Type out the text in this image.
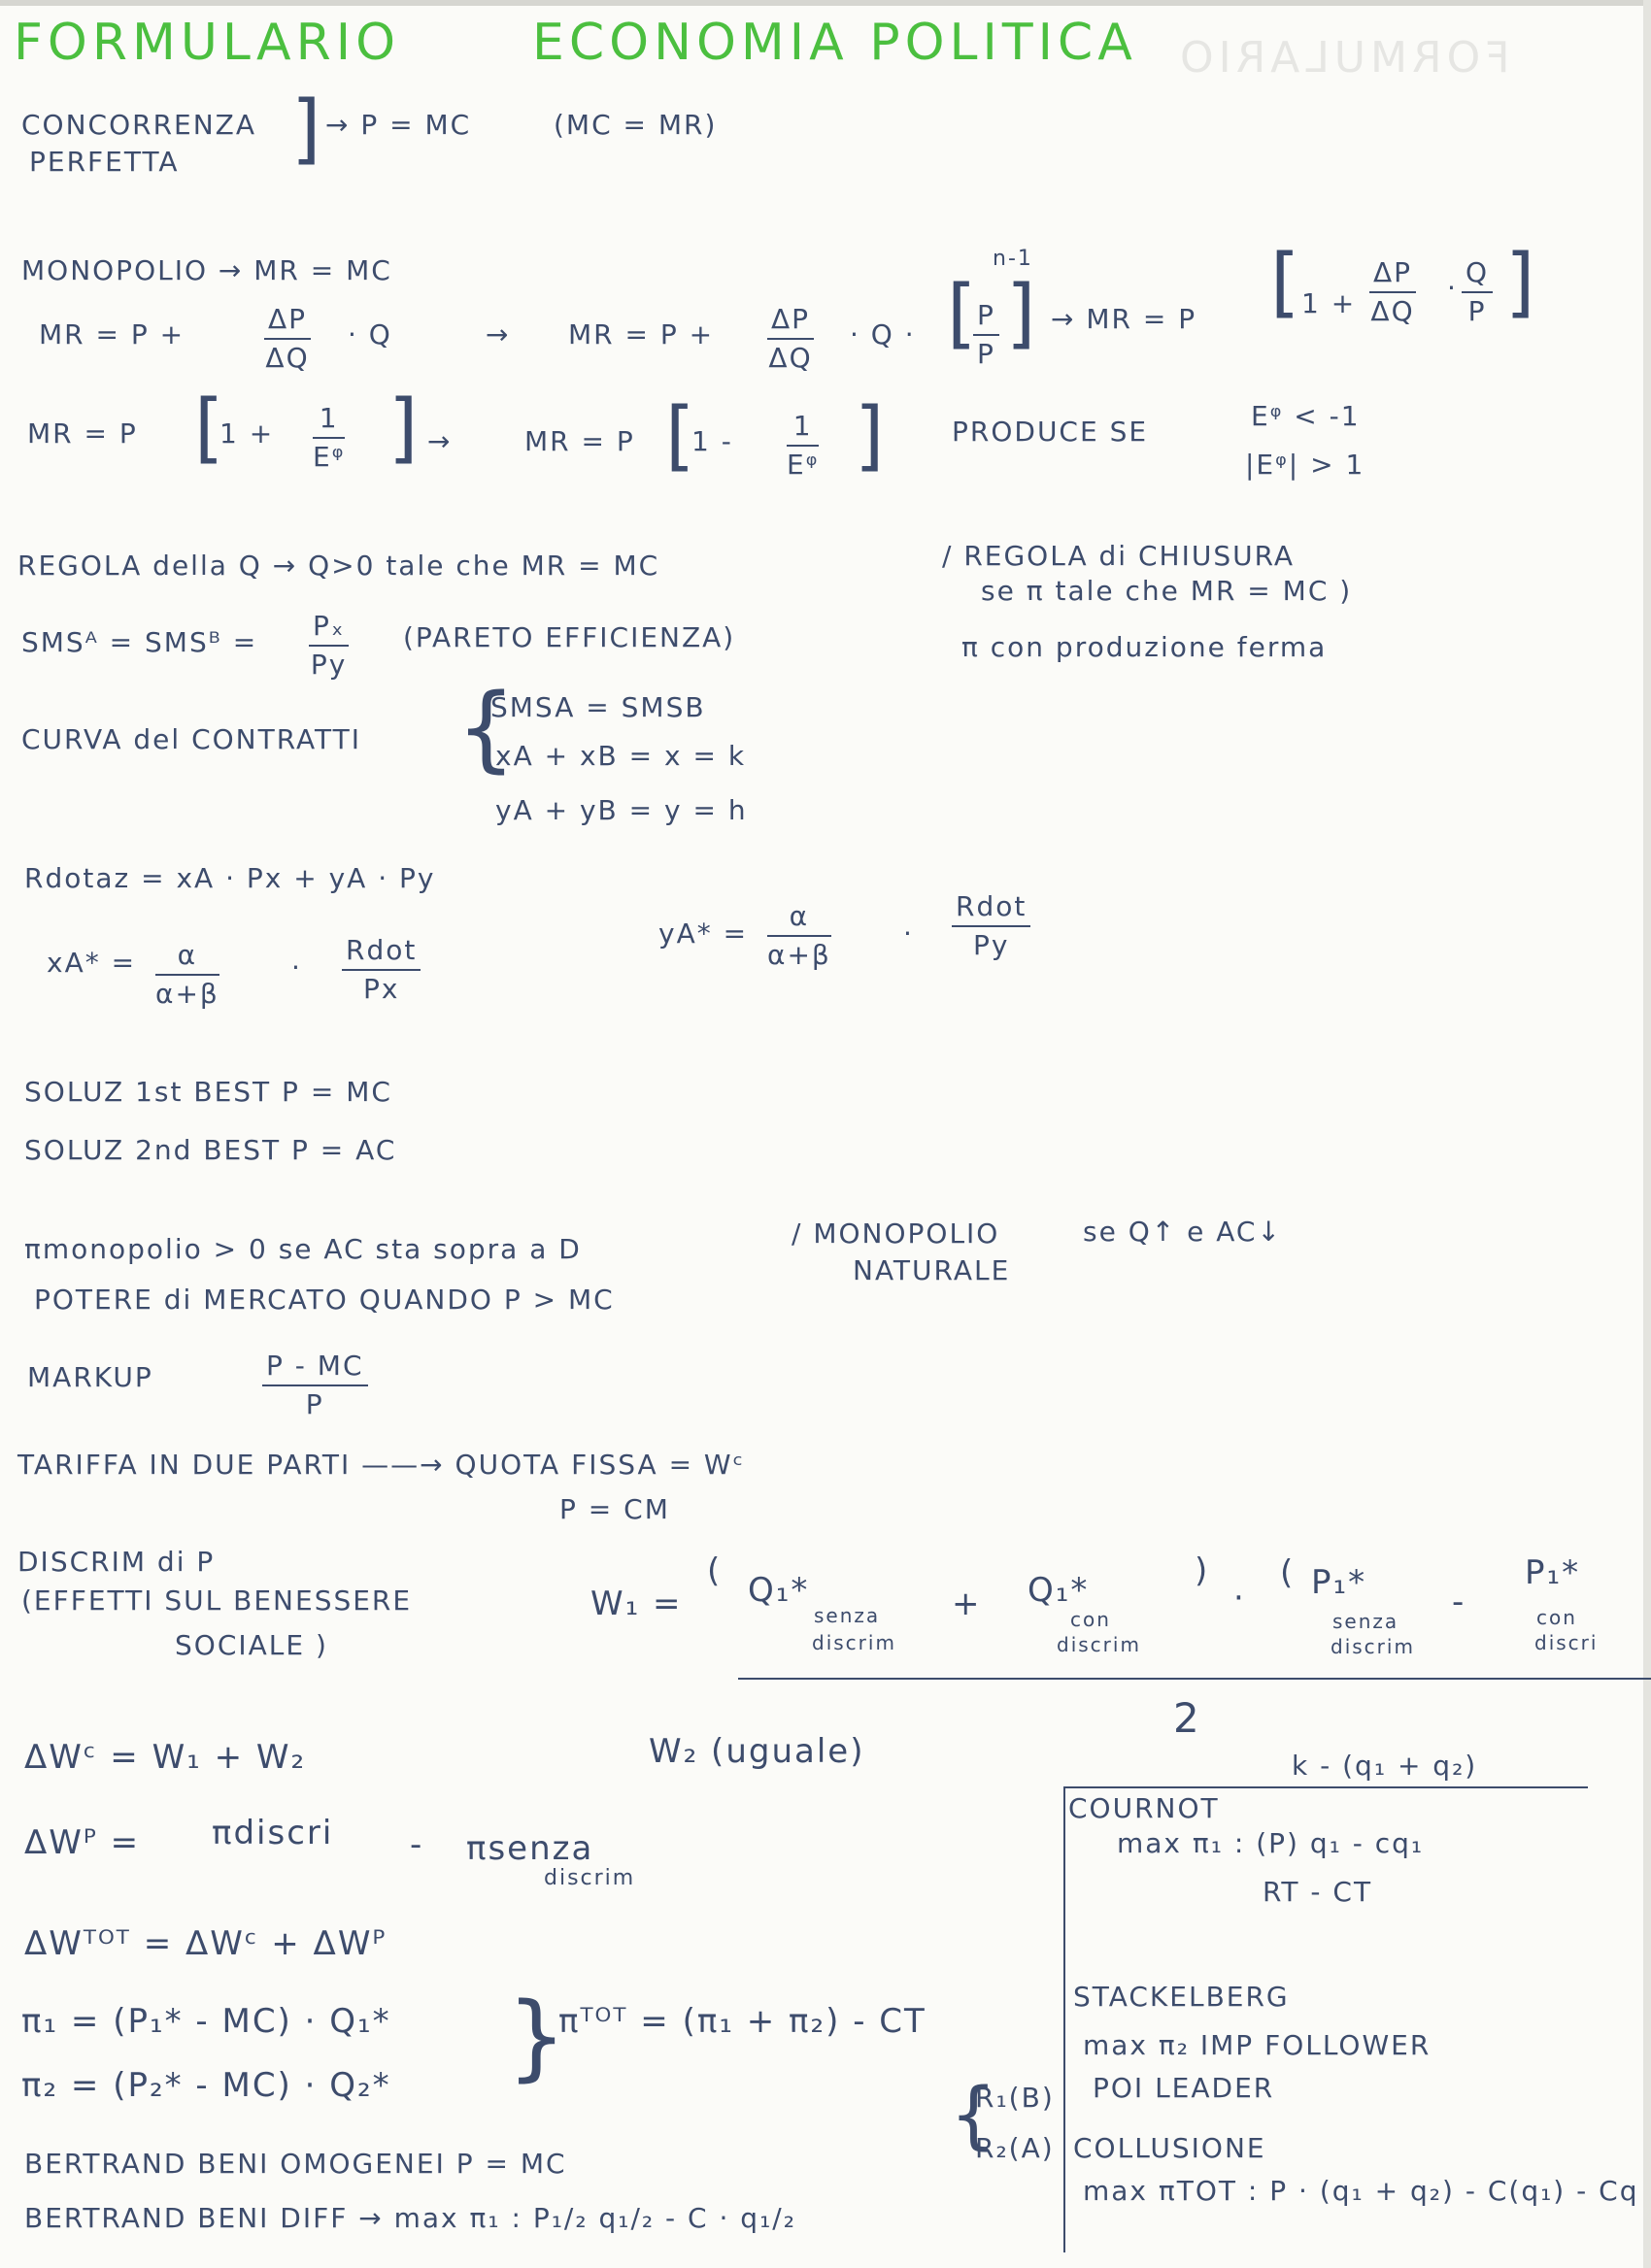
FORMULARIO	ECONOMIA POLITICA FORMULARIO
CONCORRENZA
PERFETTA ] → P = MC	(MC = MR)
MONOPOLIO → MR = MC
MR = P +	$\frac{\Delta P}{\Delta Q} \cdot Q$	→ MR = $P + \frac{\Delta P}{\Delta Q} \cdot Q$ · [
$\frac{P}{P}$ ]
n-1
→ MR = P [ $1 + \frac{\Delta P}{\Delta Q} \cdot \frac{Q}{P}$ ]
MR = P [
$1 + \frac{1}{\text{Eᵠ}}$ ] →	MR = P [
$1 - \frac{1}{\text{Eᵠ}}$ ] PRODUCE SE	Eᵠ < -1
|Eᵠ| > 1
REGOLA della Q → Q>0 tale che MR = MC	/ REGOLA di CHIUSURA
se π tale che MR = MC )
π con produzione ferma
SMSᴬ = SMSᴮ = $\frac{\text{Pₓ}}{Py}$ (PARETO EFFICIENZA)
CURVA del CONTRATTI {
SMSA = SMSB
xA + xB = x = k
yA + yB = y = h
Rdotaz = xA · Px + yA · Py
$xA* = \frac{\alpha}{\alpha+\beta}$	·
Rdot
Px
$yA* = \frac{\alpha}{\alpha+\beta}$	·
Rdot
Py
SOLUZ 1st BEST P = MC
SOLUZ 2nd BEST P = AC
πmonopolio > 0 se AC sta sopra a D	/ MONOPOLIO
NATURALE
se Q↑ e AC↓
POTERE di MERCATO QUANDO P > MC
MARKUP	$\frac{P - MC}{P}$
TARIFFA IN DUE PARTI ——→ QUOTA FISSA = Wᶜ
P = CM
DISCRIM di P
(EFFETTI SUL BENESSERE
SOCIALE )
W₁ =
( Q₁*
senza
discrim
+ Q₁*
con
discrim
)
·
( P₁*
senza
discrim
-
P₁*
con
discri
2
ΔWᶜ = W₁ + W₂	W₂ (uguale)
ΔWᴾ = πdiscri - πsenza
discrim
ΔWᵀᴼᵀ = ΔWᶜ + ΔWᴾ
π₁ = (P₁* - MC) · Q₁*
π₂ = (P₂* - MC) · Q₂* {
πᵀᴼᵀ = (π₁ + π₂) - CT
BERTRAND BENI OMOGENEI P = MC
BERTRAND BENI DIFF → max π₁ : P₁/₂ q₁/₂ - C · q₁/₂
{
R₁(B)
R₂(A)
k - (q₁ + q₂)
COURNOT
max π₁ : (P) q₁ - cq₁
RT - CT
STACKELBERG
max π₂ IMP FOLLOWER
POI LEADER
COLLUSIONE
max πTOT : P · (q₁ + q₂) - C(q₁) - Cq
